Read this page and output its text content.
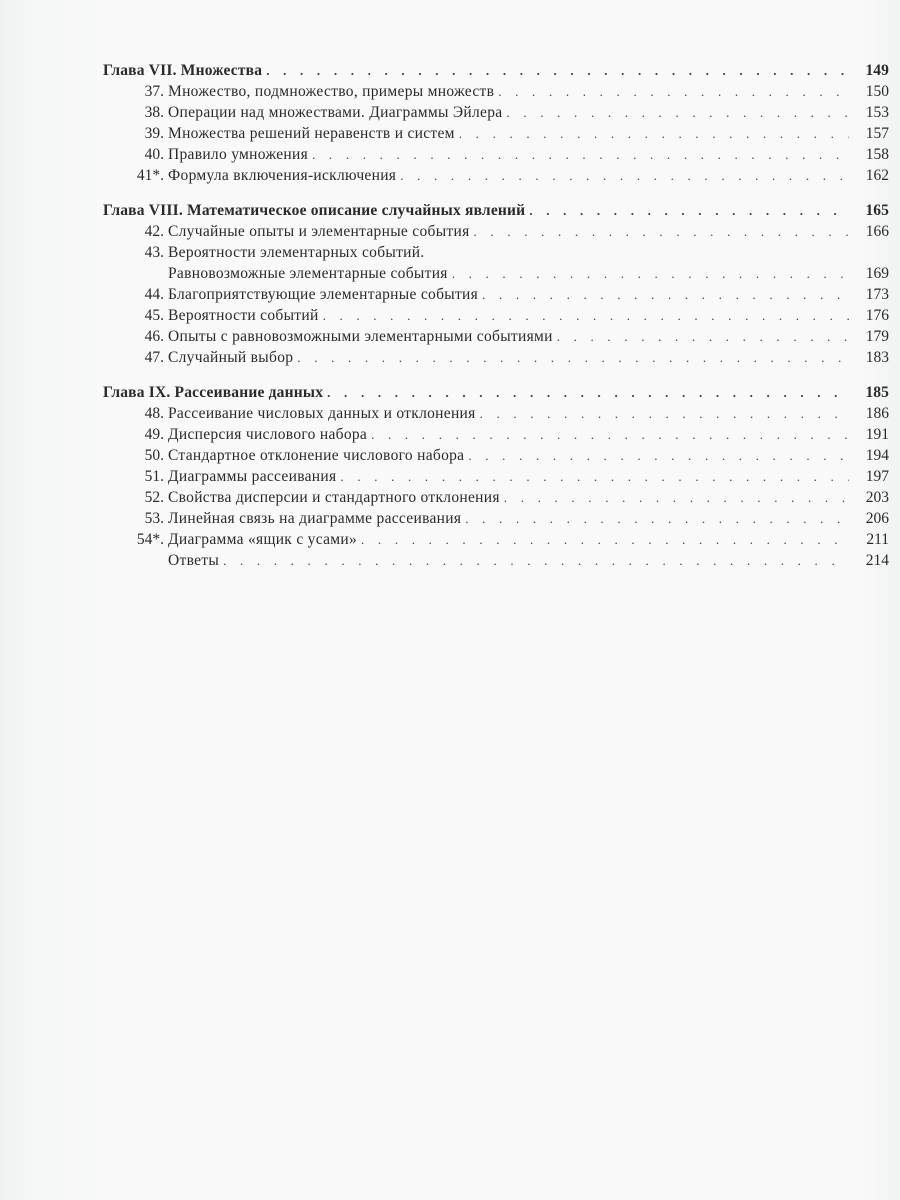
Глава VII. Множества . . .	149
37. Множество, подмножество, примеры множеств . . .	150
38. Операции над множествами. Диаграммы Эйлера . . .	153
39. Множества решений неравенств и систем . . .	157
40. Правило умножения . . .	158
41*. Формула включения-исключения . . .	162
Глава VIII. Математическое описание случайных явлений . . .	165
42. Случайные опыты и элементарные события . . .	166
43. Вероятности элементарных событий.
Равновозможные элементарные события . . .	169
44. Благоприятствующие элементарные события . . .	173
45. Вероятности событий . . .	176
46. Опыты с равновозможными элементарными событиями . . .	179
47. Случайный выбор . . .	183
Глава IX. Рассеивание данных . . .	185
48. Рассеивание числовых данных и отклонения . . .	186
49. Дисперсия числового набора . . .	191
50. Стандартное отклонение числового набора . . .	194
51. Диаграммы рассеивания . . .	197
52. Свойства дисперсии и стандартного отклонения . . .	203
53. Линейная связь на диаграмме рассеивания . . .	206
54*. Диаграмма «ящик с усами» . . .	211
Ответы . . .	214
